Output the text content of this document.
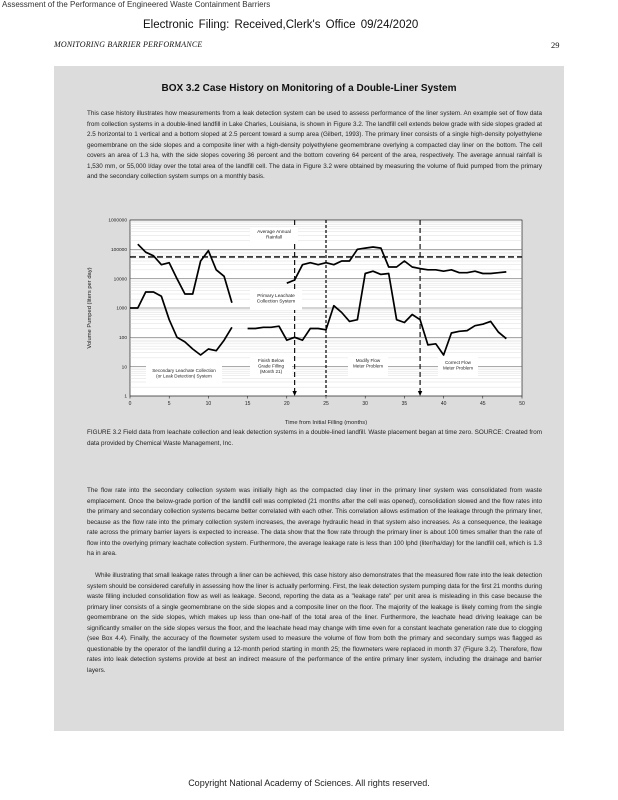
Assessment of the Performance of Engineered Waste Containment Barriers
Electronic Filing: Received,Clerk's Office 09/24/2020
MONITORING BARRIER PERFORMANCE	29
BOX 3.2 Case History on Monitoring of a Double-Liner System
This case history illustrates how measurements from a leak detection system can be used to assess performance of the liner system. An example set of flow data from collection systems in a double-lined landfill in Lake Charles, Louisiana, is shown in Figure 3.2. The landfill cell extends below grade with side slopes graded at 2.5 horizontal to 1 vertical and a bottom sloped at 2.5 percent toward a sump area (Gilbert, 1993). The primary liner consists of a single high-density polyethylene geomembrane on the side slopes and a composite liner with a high-density polyethylene geomembrane overlying a compacted clay liner on the bottom. The cell covers an area of 1.3 ha, with the side slopes covering 36 percent and the bottom covering 64 percent of the area, respectively. The average annual rainfall is 1,530 mm, or 55,000 l/day over the total area of the landfill cell. The data in Figure 3.2 were obtained by measuring the volume of fluid pumped from the primary and the secondary collection system sumps on a monthly basis.
1
10
100
1000
10000
100000
1000000
0	5	10	15	20	25	30	35	40	45	50
Volume Pumped (liters per day)
Time from Initial Filling (months)
Average Annual Rainfall
Primary Leachate Collection System
Secondary Leachate Collection (or Leak Detection) System
Finish Below Grade Filling (Month 21)
Modify Flow Meter Problem
Correct Flow Meter Problem
FIGURE 3.2 Field data from leachate collection and leak detection systems in a double-lined landfill. Waste placement began at time zero. SOURCE: Created from data provided by Chemical Waste Management, Inc.
The flow rate into the secondary collection system was initially high as the compacted clay liner in the primary liner system was consolidated from waste emplacement. Once the below-grade portion of the landfill cell was completed (21 months after the cell was opened), consolidation slowed and the flow rates into the primary and secondary collection systems became better correlated with each other. This correlation allows estimation of the leakage through the primary liner, because as the flow rate into the primary collection system increases, the average hydraulic head in that system also increases. As a consequence, the leakage rate across the primary barrier layers is expected to increase. The data show that the flow rate through the primary liner is about 100 times smaller than the rate of flow into the overlying primary leachate collection system. Furthermore, the average leakage rate is less than 100 lphd (liter/ha/day) for the landfill cell, which is 1.3 ha in area.
While illustrating that small leakage rates through a liner can be achieved, this case history also demonstrates that the measured flow rate into the leak detection system should be considered carefully in assessing how the liner is actually performing. First, the leak detection system pumping data for the first 21 months during waste filling included consolidation flow as well as leakage. Second, reporting the data as a "leakage rate" per unit area is misleading in this case because the primary liner consists of a single geomembrane on the side slopes and a composite liner on the floor. The majority of the leakage is likely coming from the single geomembrane on the side slopes, which makes up less than one-half of the total area of the liner. Furthermore, the leachate head driving leakage can be significantly smaller on the side slopes versus the floor, and the leachate head may change with time even for a constant leachate generation rate due to clogging (see Box 4.4). Finally, the accuracy of the flowmeter system used to measure the volume of flow from both the primary and secondary sumps was flagged as questionable by the operator of the landfill during a 12-month period starting in month 25; the flowmeters were replaced in month 37 (Figure 3.2). Therefore, flow rates into leak detection systems provide at best an indirect measure of the performance of the entire primary liner system, including the drainage and barrier layers.
Copyright National Academy of Sciences. All rights reserved.
